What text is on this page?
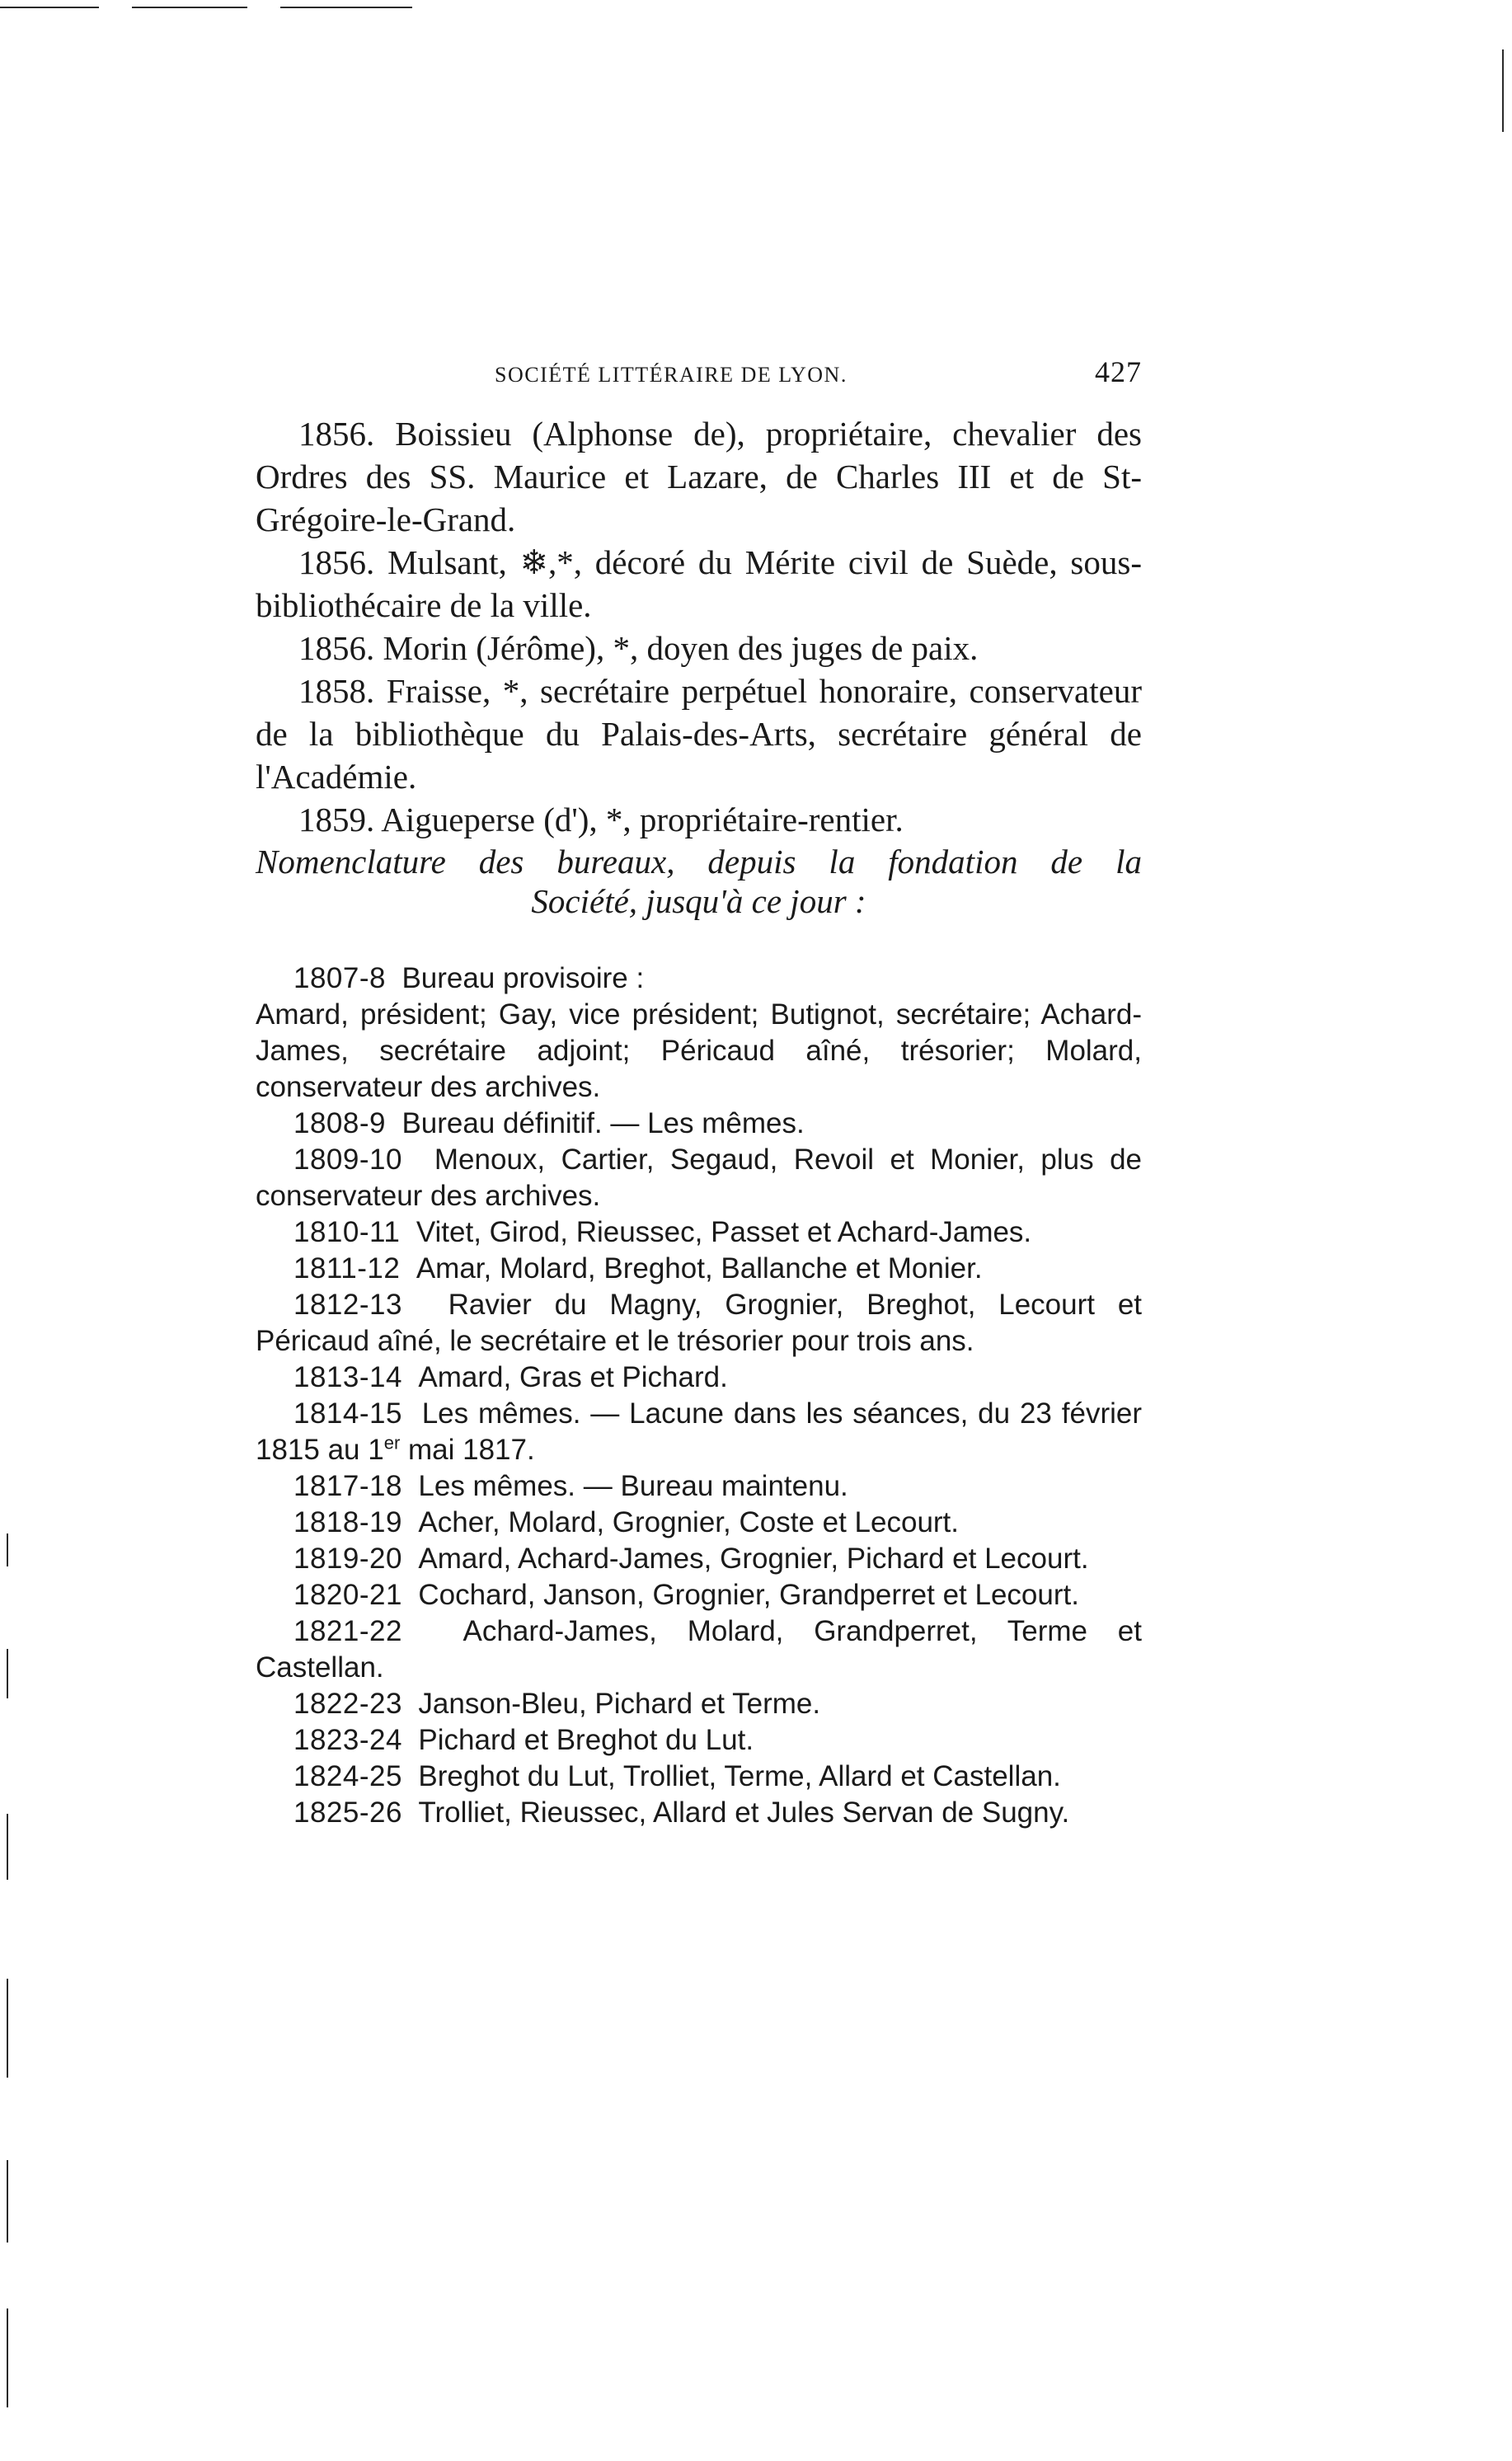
SOCIÉTÉ LITTÉRAIRE DE LYON.	427

1856. Boissieu (Alphonse de), propriétaire, chevalier des Ordres des SS. Maurice et Lazare, de Charles III et de St-Grégoire-le-Grand.

1856. Mulsant, ❄,*, décoré du Mérite civil de Suède, sous-bibliothécaire de la ville.

1856. Morin (Jérôme), *, doyen des juges de paix.

1858. Fraisse, *, secrétaire perpétuel honoraire, conservateur de la bibliothèque du Palais-des-Arts, secrétaire général de l'Académie.

1859. Aigueperse (d'), *, propriétaire-rentier.

Nomenclature des bureaux, depuis la fondation de la
Société, jusqu'à ce jour :

1807-8 Bureau provisoire :

Amard, président; Gay, vice président; Butignot, secrétaire; Achard-James, secrétaire adjoint; Péricaud aîné, trésorier; Molard, conservateur des archives.

1808-9 Bureau définitif. — Les mêmes.

1809-10 Menoux, Cartier, Segaud, Revoil et Monier, plus de conservateur des archives.

1810-11 Vitet, Girod, Rieussec, Passet et Achard-James.

1811-12 Amar, Molard, Breghot, Ballanche et Monier.

1812-13 Ravier du Magny, Grognier, Breghot, Lecourt et Péricaud aîné, le secrétaire et le trésorier pour trois ans.

1813-14 Amard, Gras et Pichard.

1814-15 Les mêmes. — Lacune dans les séances, du 23 février 1815 au 1er mai 1817.

1817-18 Les mêmes. — Bureau maintenu.

1818-19 Acher, Molard, Grognier, Coste et Lecourt.

1819-20 Amard, Achard-James, Grognier, Pichard et Lecourt.

1820-21 Cochard, Janson, Grognier, Grandperret et Lecourt.

1821-22 Achard-James, Molard, Grandperret, Terme et Castellan.

1822-23 Janson-Bleu, Pichard et Terme.

1823-24 Pichard et Breghot du Lut.

1824-25 Breghot du Lut, Trolliet, Terme, Allard et Castellan.

1825-26 Trolliet, Rieussec, Allard et Jules Servan de Sugny.
